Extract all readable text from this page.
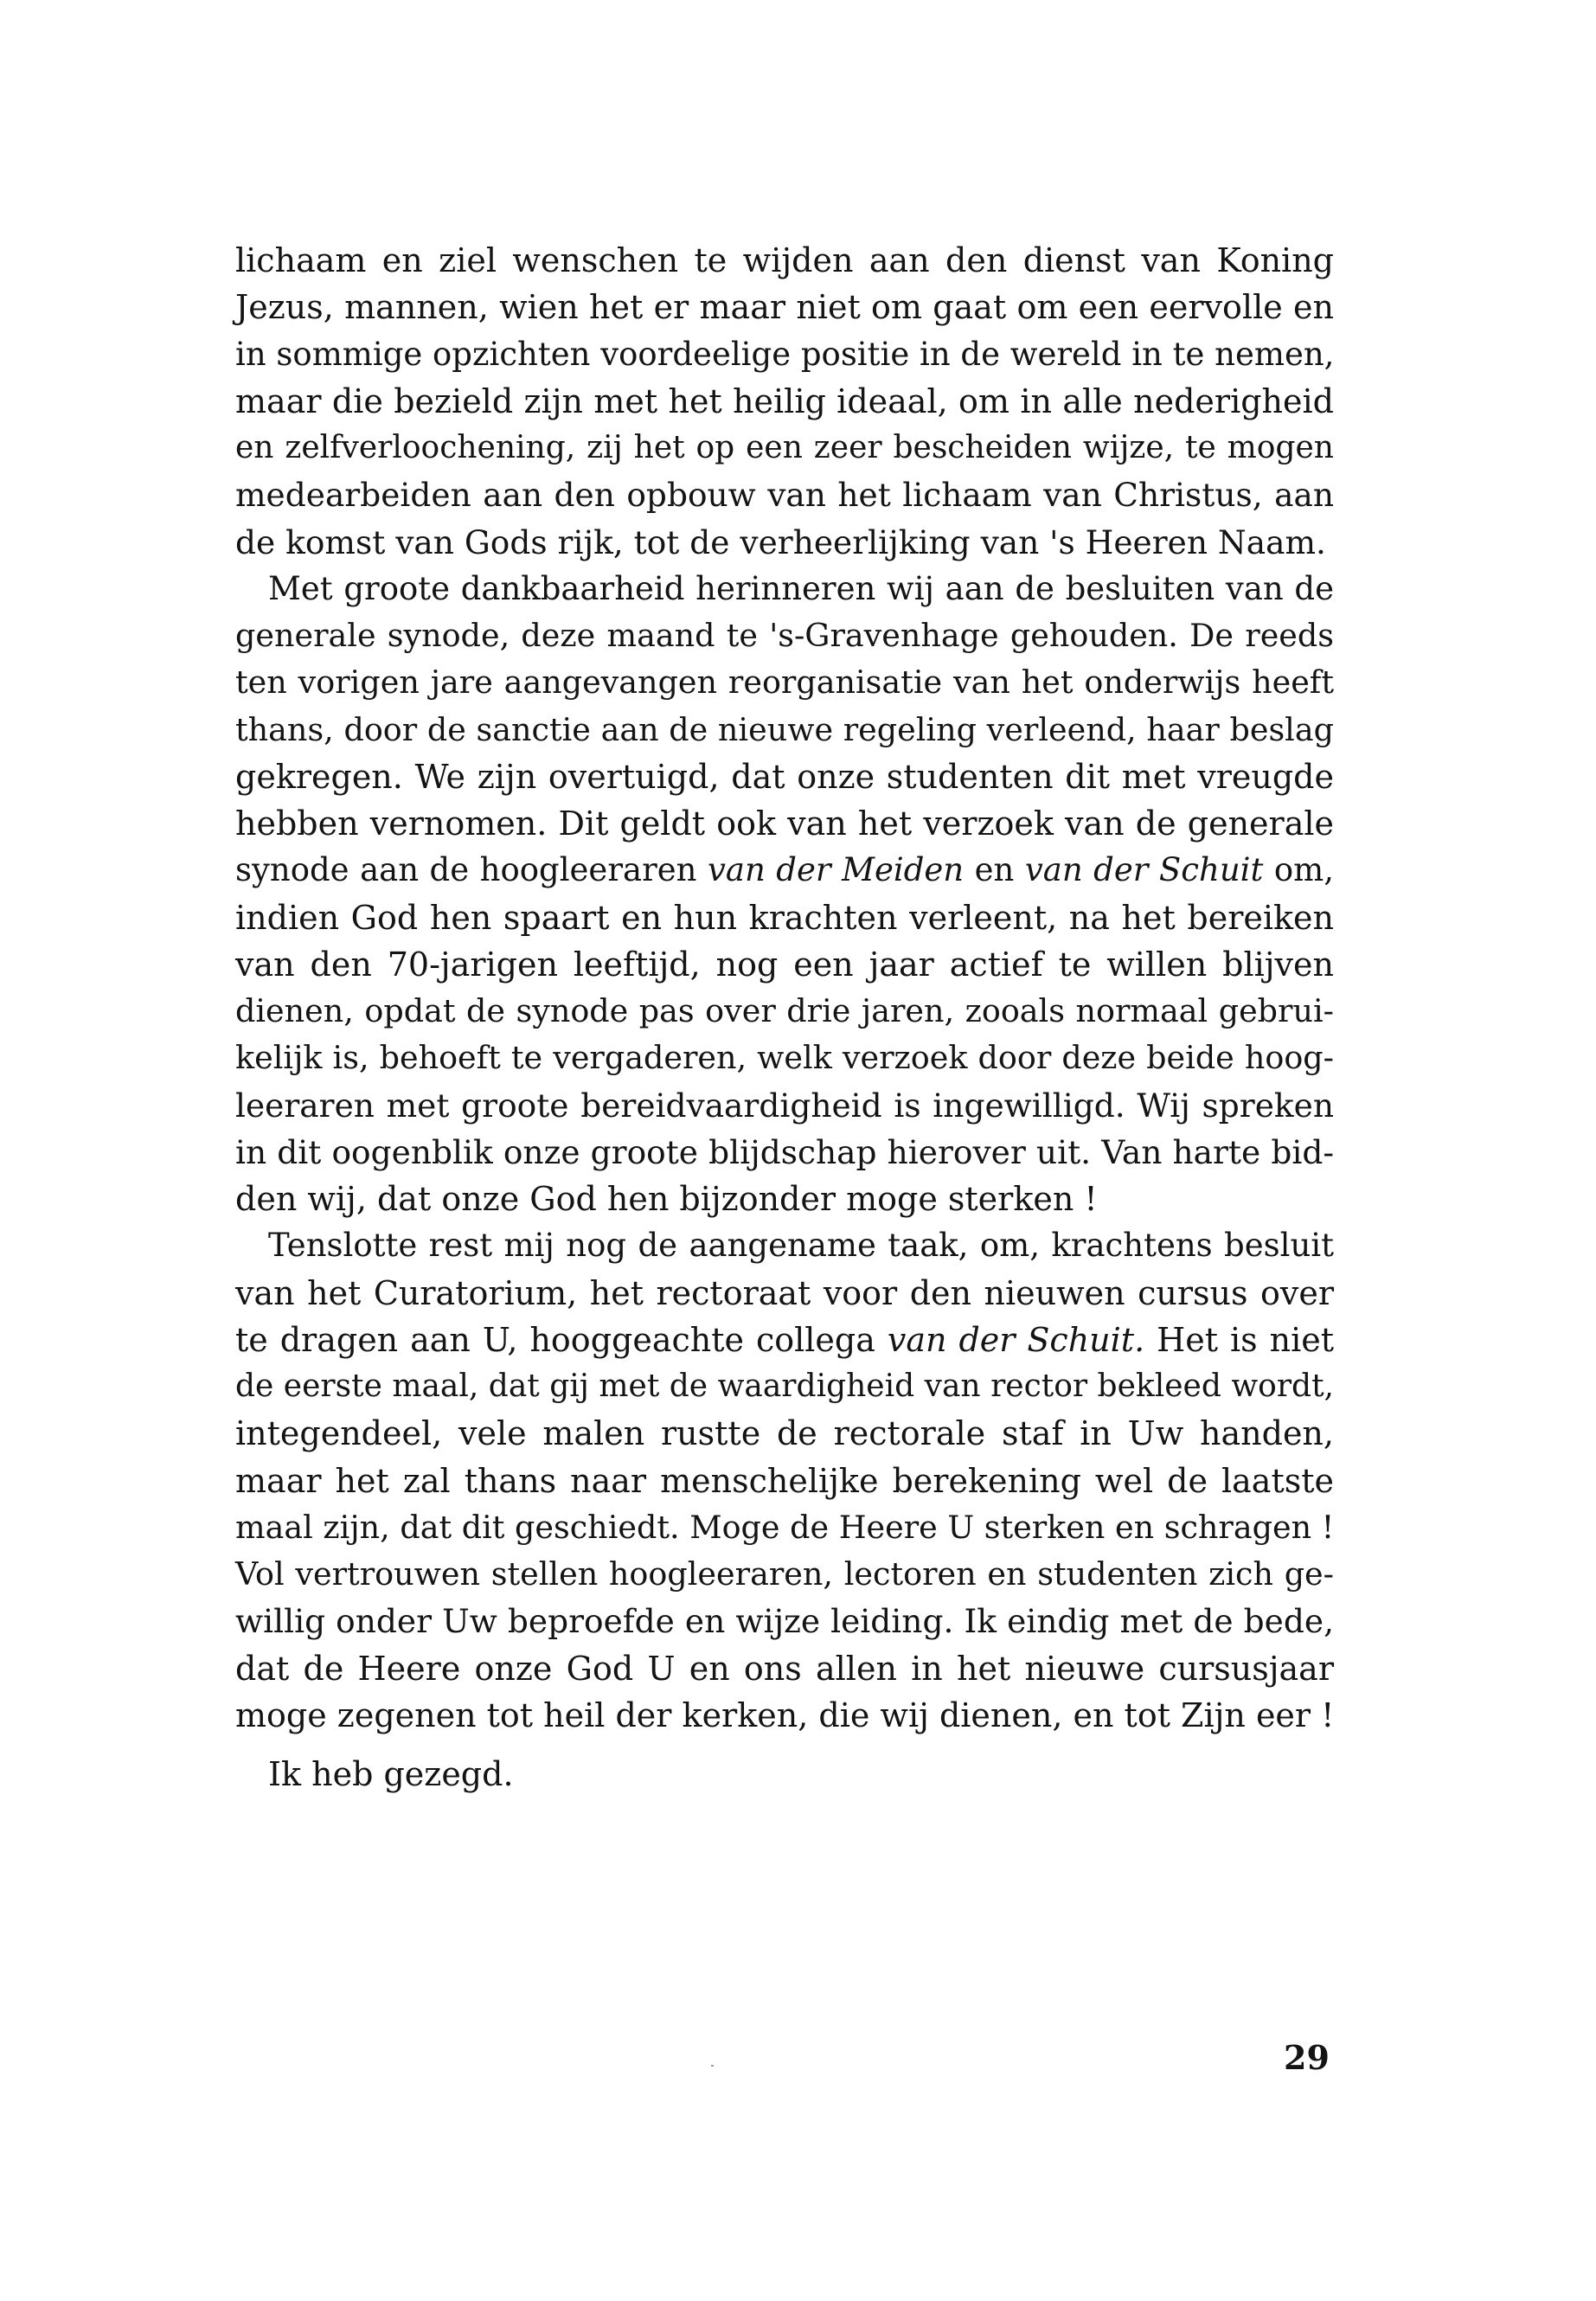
lichaam en ziel wenschen te wijden aan den dienst van Koning
Jezus, mannen, wien het er maar niet om gaat om een eervolle en
in sommige opzichten voordeelige positie in de wereld in te nemen,
maar die bezield zijn met het heilig ideaal, om in alle nederigheid
en zelfverloochening, zij het op een zeer bescheiden wijze, te mogen
medearbeiden aan den opbouw van het lichaam van Christus, aan
de komst van Gods rijk, tot de verheerlijking van 's Heeren Naam.
Met groote dankbaarheid herinneren wij aan de besluiten van de
generale synode, deze maand te 's-Gravenhage gehouden. De reeds
ten vorigen jare aangevangen reorganisatie van het onderwijs heeft
thans, door de sanctie aan de nieuwe regeling verleend, haar beslag
gekregen. We zijn overtuigd, dat onze studenten dit met vreugde
hebben vernomen. Dit geldt ook van het verzoek van de generale
synode aan de hoogleeraren van der Meiden en van der Schuit om,
indien God hen spaart en hun krachten verleent, na het bereiken
van den 70-jarigen leeftijd, nog een jaar actief te willen blijven
dienen, opdat de synode pas over drie jaren, zooals normaal gebrui-
kelijk is, behoeft te vergaderen, welk verzoek door deze beide hoog-
leeraren met groote bereidvaardigheid is ingewilligd. Wij spreken
in dit oogenblik onze groote blijdschap hierover uit. Van harte bid-
den wij, dat onze God hen bijzonder moge sterken !
Tenslotte rest mij nog de aangename taak, om, krachtens besluit
van het Curatorium, het rectoraat voor den nieuwen cursus over
te dragen aan U, hooggeachte collega van der Schuit. Het is niet
de eerste maal, dat gij met de waardigheid van rector bekleed wordt,
integendeel, vele malen rustte de rectorale staf in Uw handen,
maar het zal thans naar menschelijke berekening wel de laatste
maal zijn, dat dit geschiedt. Moge de Heere U sterken en schragen !
Vol vertrouwen stellen hoogleeraren, lectoren en studenten zich ge-
willig onder Uw beproefde en wijze leiding. Ik eindig met de bede,
dat de Heere onze God U en ons allen in het nieuwe cursusjaar
moge zegenen tot heil der kerken, die wij dienen, en tot Zijn eer !
Ik heb gezegd.
29
